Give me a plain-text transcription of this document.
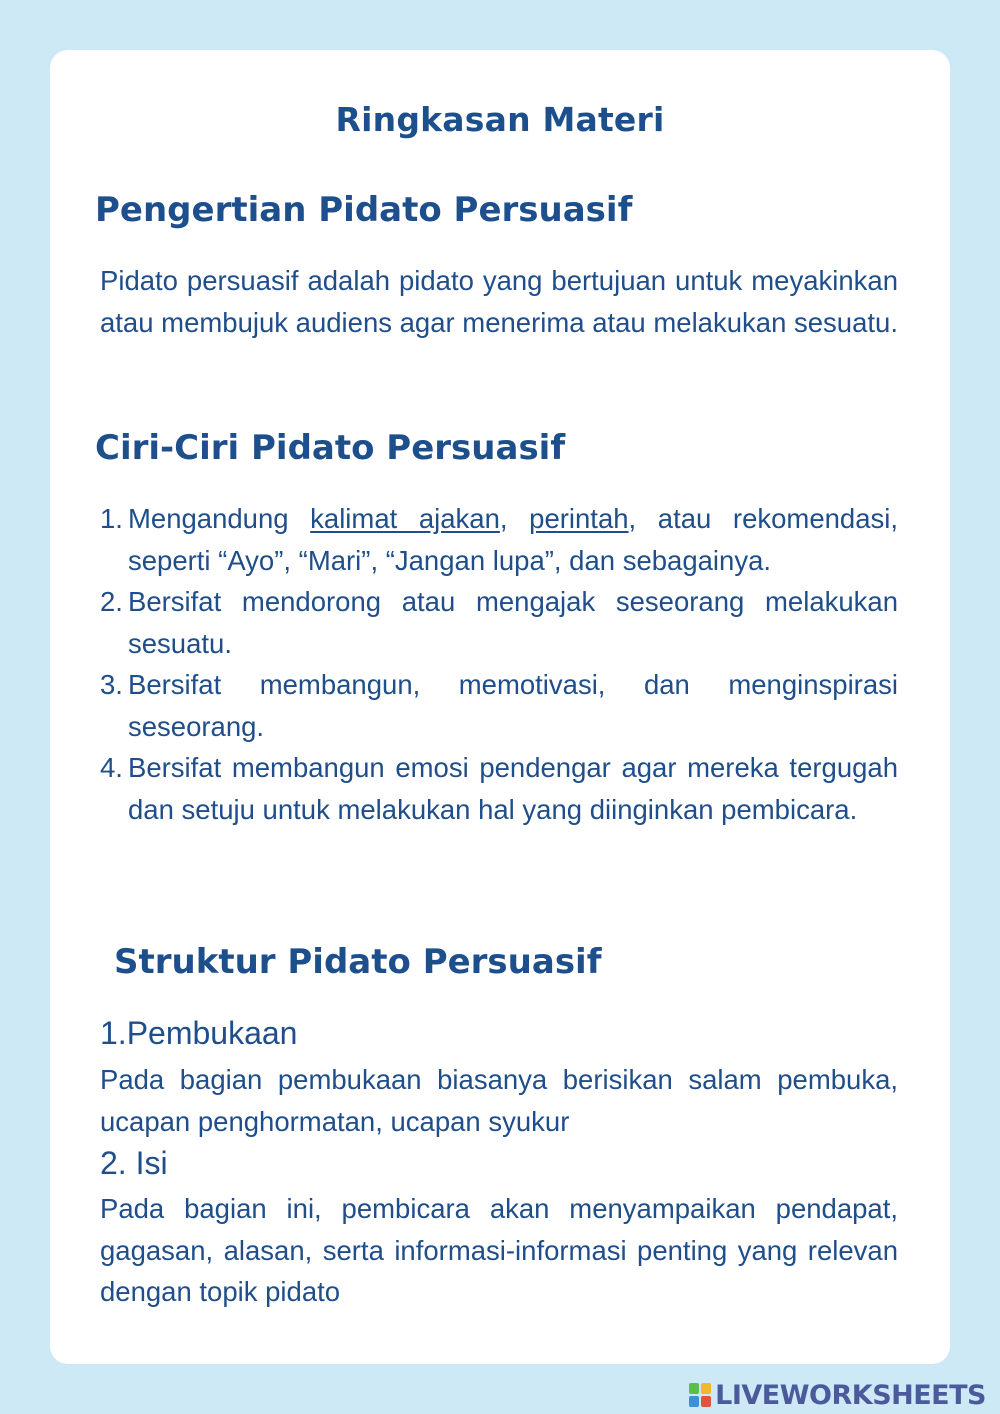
Ringkasan Materi
Pengertian Pidato Persuasif

Pidato persuasif adalah pidato yang bertujuan untuk meyakinkan atau membujuk audiens agar menerima atau melakukan sesuatu.

Ciri-Ciri Pidato Persuasif
1. Mengandung kalimat ajakan, perintah, atau rekomendasi, seperti “Ayo”, “Mari”, “Jangan lupa”, dan sebagainya.
2. Bersifat mendorong atau mengajak seseorang melakukan sesuatu.
3. Bersifat membangun, memotivasi, dan menginspirasi seseorang.
4. Bersifat membangun emosi pendengar agar mereka tergugah dan setuju untuk melakukan hal yang diinginkan pembicara.
Struktur Pidato Persuasif
1.Pembukaan

Pada bagian pembukaan biasanya berisikan salam pembuka, ucapan penghormatan, ucapan syukur

2. Isi

Pada bagian ini, pembicara akan menyampaikan pendapat, gagasan, alasan, serta informasi-informasi penting yang relevan dengan topik pidato

LIVEWORKSHEETS
